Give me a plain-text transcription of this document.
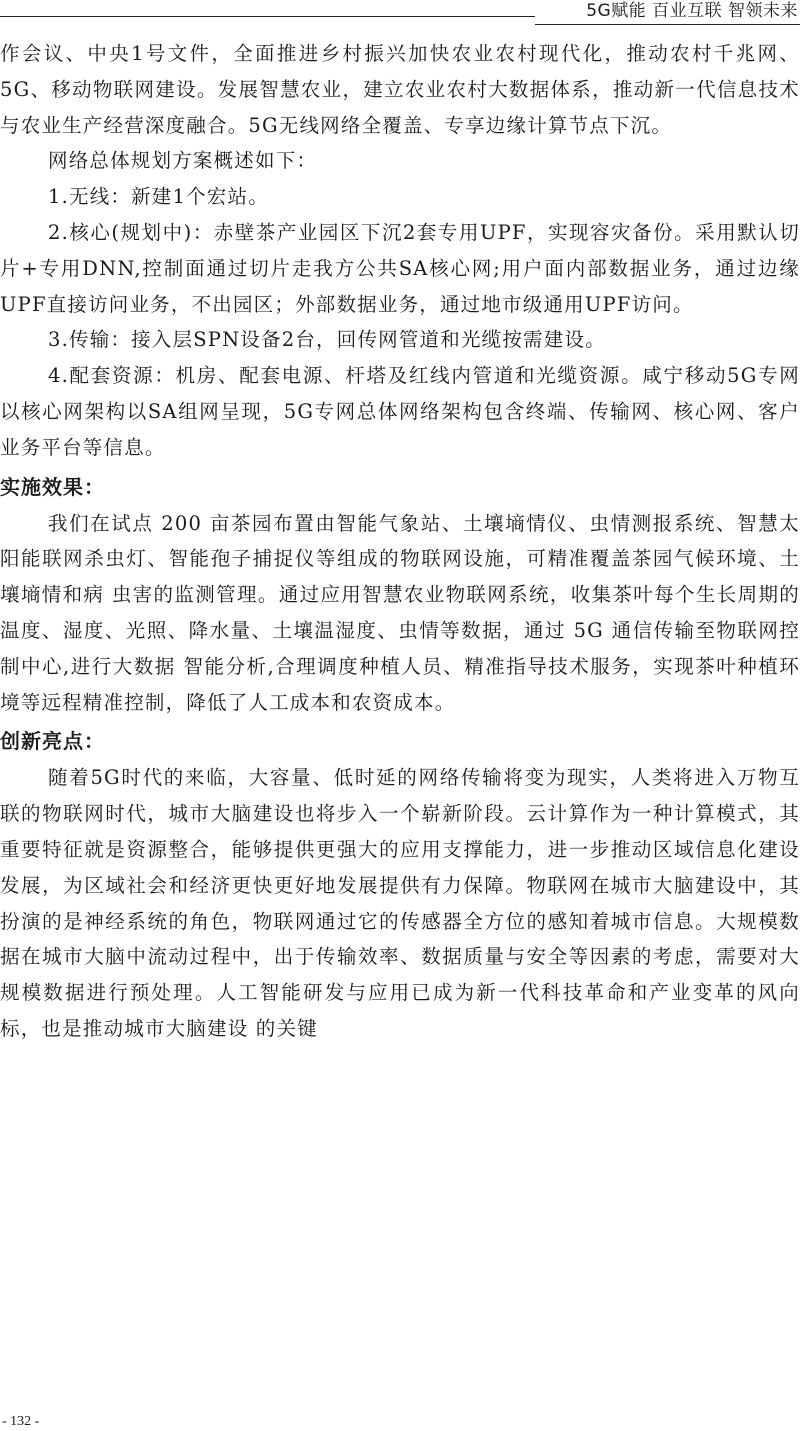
5G赋能 百业互联 智领未来

作会议、中央1号文件，全面推进乡村振兴加快农业农村现代化，推动农村千兆网、5G、移动物联网建设。发展智慧农业，建立农业农村大数据体系，推动新一代信息技术与农业生产经营深度融合。5G无线网络全覆盖、专享边缘计算节点下沉。

网络总体规划方案概述如下：

1.无线：新建1个宏站。

2.核心(规划中)：赤壁茶产业园区下沉2套专用UPF，实现容灾备份。采用默认切片+专用DNN,控制面通过切片走我方公共SA核心网;用户面内部数据业务，通过边缘UPF直接访问业务，不出园区；外部数据业务，通过地市级通用UPF访问。

3.传输：接入层SPN设备2台，回传网管道和光缆按需建设。

4.配套资源：机房、配套电源、杆塔及红线内管道和光缆资源。咸宁移动5G专网以核心网架构以SA组网呈现，5G专网总体网络架构包含终端、传输网、核心网、客户业务平台等信息。

实施效果：

我们在试点 200 亩茶园布置由智能气象站、土壤墒情仪、虫情测报系统、智慧太阳能联网杀虫灯、智能孢子捕捉仪等组成的物联网设施，可精准覆盖茶园气候环境、土壤墒情和病 虫害的监测管理。通过应用智慧农业物联网系统，收集茶叶每个生长周期的温度、湿度、光照、降水量、土壤温湿度、虫情等数据，通过 5G 通信传输至物联网控制中心,进行大数据 智能分析,合理调度种植人员、精准指导技术服务，实现茶叶种植环境等远程精准控制，降低了人工成本和农资成本。

创新亮点：

随着5G时代的来临，大容量、低时延的网络传输将变为现实，人类将进入万物互联的物联网时代，城市大脑建设也将步入一个崭新阶段。云计算作为一种计算模式，其重要特征就是资源整合，能够提供更强大的应用支撑能力，进一步推动区域信息化建设发展，为区域社会和经济更快更好地发展提供有力保障。物联网在城市大脑建设中，其扮演的是神经系统的角色，物联网通过它的传感器全方位的感知着城市信息。大规模数据在城市大脑中流动过程中，出于传输效率、数据质量与安全等因素的考虑，需要对大规模数据进行预处理。人工智能研发与应用已成为新一代科技革命和产业变革的风向标，也是推动城市大脑建设 的关键

- 132 -
